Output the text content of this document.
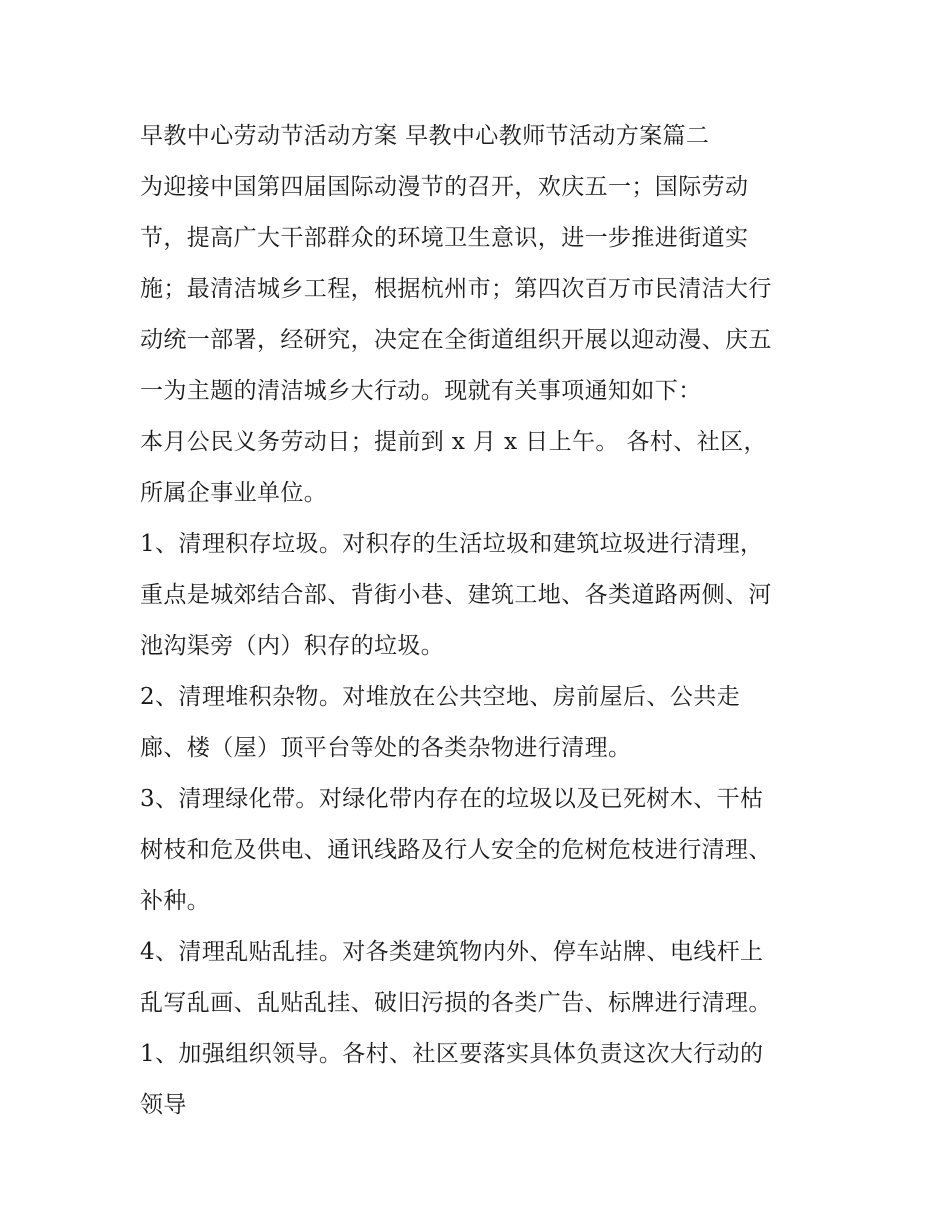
早教中心劳动节活动方案 早教中心教师节活动方案篇二
为迎接中国第四届国际动漫节的召开，欢庆五一；国际劳动
节，提高广大干部群众的环境卫生意识，进一步推进街道实
施；最清洁城乡工程，根据杭州市；第四次百万市民清洁大行
动统一部署，经研究，决定在全街道组织开展以迎动漫、庆五
一为主题的清洁城乡大行动。现就有关事项通知如下：
本月公民义务劳动日；提前到 x 月 x 日上午。 各村、社区，
所属企事业单位。
1、清理积存垃圾。对积存的生活垃圾和建筑垃圾进行清理，
重点是城郊结合部、背街小巷、建筑工地、各类道路两侧、河
池沟渠旁（内）积存的垃圾。
2、清理堆积杂物。对堆放在公共空地、房前屋后、公共走
廊、楼（屋）顶平台等处的各类杂物进行清理。
3、清理绿化带。对绿化带内存在的垃圾以及已死树木、干枯
树枝和危及供电、通讯线路及行人安全的危树危枝进行清理、
补种。
4、清理乱贴乱挂。对各类建筑物内外、停车站牌、电线杆上
乱写乱画、乱贴乱挂、破旧污损的各类广告、标牌进行清理。
1、加强组织领导。各村、社区要落实具体负责这次大行动的
领导
